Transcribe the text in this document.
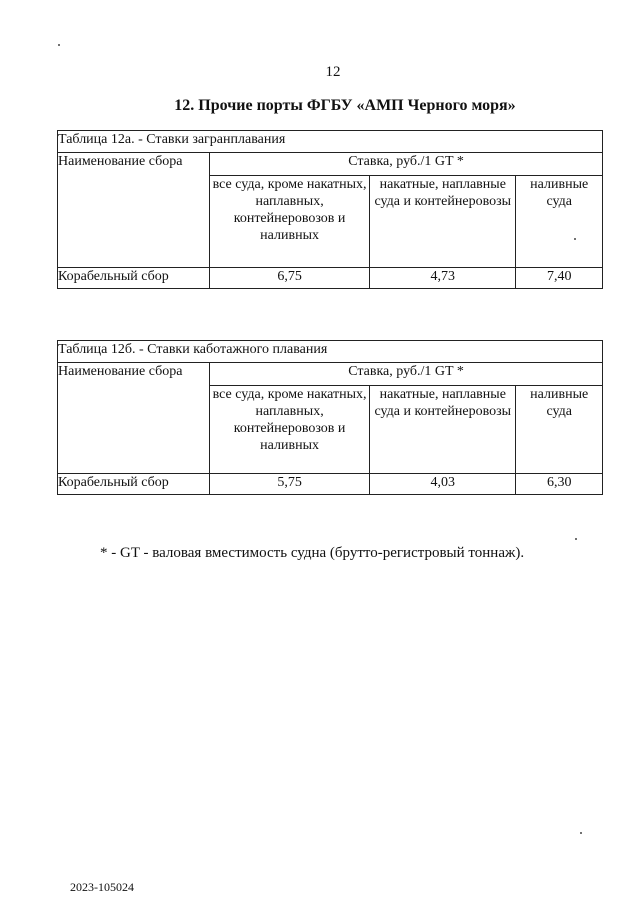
12
12. Прочие порты ФГБУ «АМП Черного моря»
Таблица 12а. - Ставки загранплавания			
Наименование сбора	Ставка, руб./1 GT *		
	все суда, кроме накатных, наплавных, контейнеровозов и наливных	накатные, наплавные суда и контейнеровозы	наливные суда
Корабельный сбор	6,75	4,73	7,40
Таблица 12б. - Ставки каботажного плавания			
Наименование сбора	Ставка, руб./1 GT *		
	все суда, кроме накатных, наплавных, контейнеровозов и наливных	накатные, наплавные суда и контейнеровозы	наливные суда
Корабельный сбор	5,75	4,03	6,30
* - GT - валовая вместимость судна (брутто-регистровый тоннаж).
2023-105024
